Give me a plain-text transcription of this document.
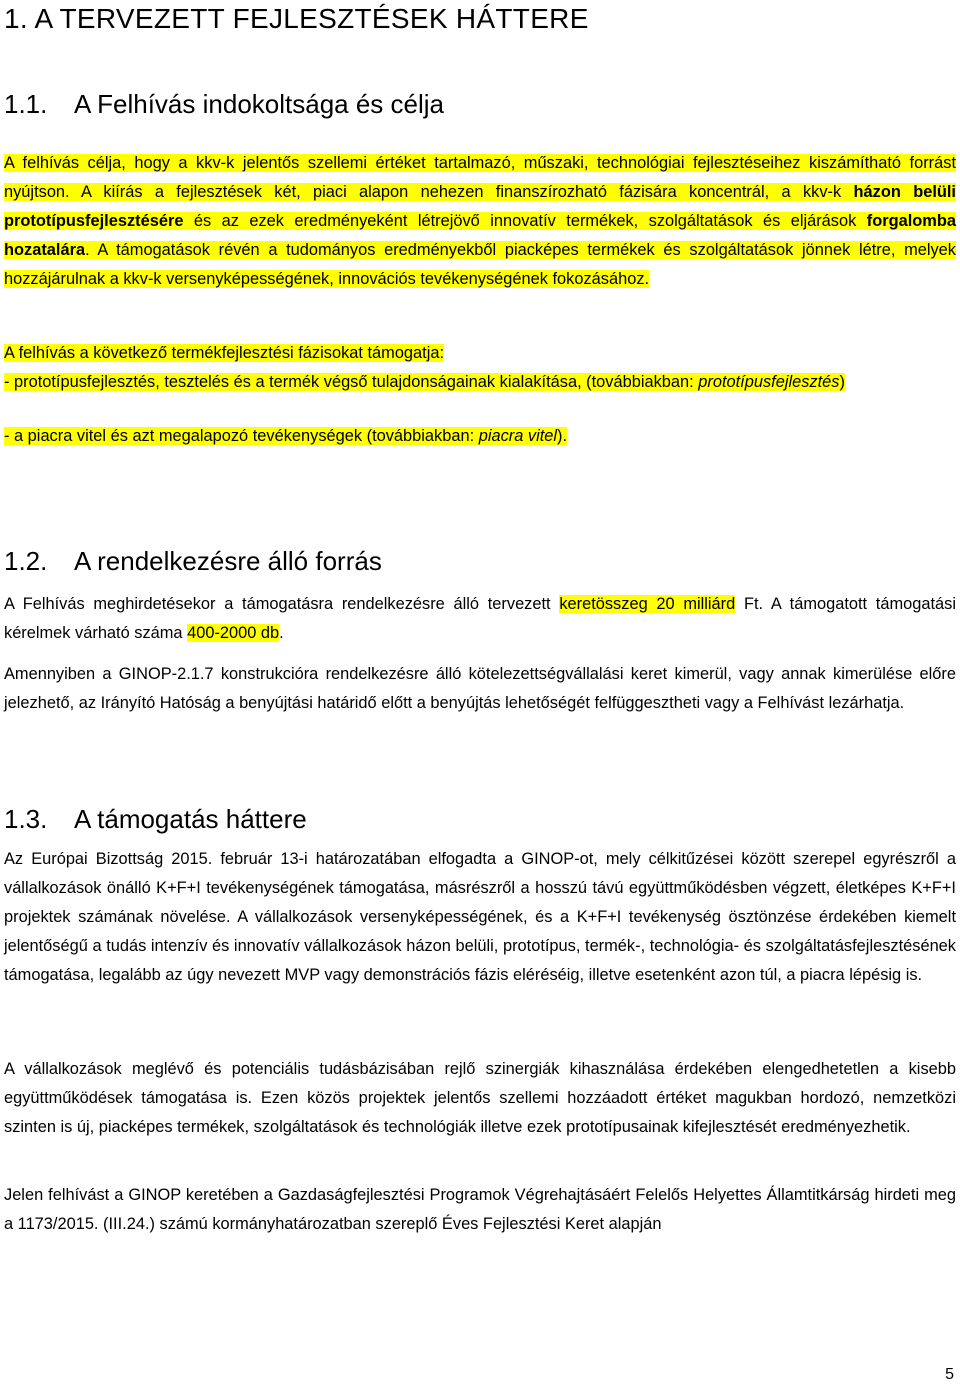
1. A TERVEZETT FEJLESZTÉSEK HÁTTERE
1.1. A Felhívás indokoltsága és célja

A felhívás célja, hogy a kkv-k jelentős szellemi értéket tartalmazó, műszaki, technológiai fejlesztéseihez kiszámítható forrást nyújtson. A kiírás a fejlesztések két, piaci alapon nehezen finanszírozható fázisára koncentrál, a kkv-k házon belüli prototípusfejlesztésére és az ezek eredményeként létrejövő innovatív termékek, szolgáltatások és eljárások forgalomba hozatalára. A támogatások révén a tudományos eredményekből piacképes termékek és szolgáltatások jönnek létre, melyek hozzájárulnak a kkv-k versenyképességének, innovációs tevékenységének fokozásához.

A felhívás a következő termékfejlesztési fázisokat támogatja:

- prototípusfejlesztés, tesztelés és a termék végső tulajdonságainak kialakítása, (továbbiakban: prototípusfejlesztés)

- a piacra vitel és azt megalapozó tevékenységek (továbbiakban: piacra vitel).

1.2. A rendelkezésre álló forrás

A Felhívás meghirdetésekor a támogatásra rendelkezésre álló tervezett keretösszeg 20 milliárd Ft. A támogatott támogatási kérelmek várható száma 400-2000 db.

Amennyiben a GINOP-2.1.7 konstrukcióra rendelkezésre álló kötelezettségvállalási keret kimerül, vagy annak kimerülése előre jelezhető, az Irányító Hatóság a benyújtási határidő előtt a benyújtás lehetőségét felfüggesztheti vagy a Felhívást lezárhatja.

1.3. A támogatás háttere

Az Európai Bizottság 2015. február 13-i határozatában elfogadta a GINOP-ot, mely célkitűzései között szerepel egyrészről a vállalkozások önálló K+F+I tevékenységének támogatása, másrészről a hosszú távú együttműködésben végzett, életképes K+F+I projektek számának növelése. A vállalkozások versenyképességének, és a K+F+I tevékenység ösztönzése érdekében kiemelt jelentőségű a tudás intenzív és innovatív vállalkozások házon belüli, prototípus, termék-, technológia- és szolgáltatásfejlesztésének támogatása, legalább az úgy nevezett MVP vagy demonstrációs fázis eléréséig, illetve esetenként azon túl, a piacra lépésig is.

A vállalkozások meglévő és potenciális tudásbázisában rejlő szinergiák kihasználása érdekében elengedhetetlen a kisebb együttműködések támogatása is. Ezen közös projektek jelentős szellemi hozzáadott értéket magukban hordozó, nemzetközi szinten is új, piacképes termékek, szolgáltatások és technológiák illetve ezek prototípusainak kifejlesztését eredményezhetik.

Jelen felhívást a GINOP keretében a Gazdaságfejlesztési Programok Végrehajtásáért Felelős Helyettes Államtitkárság hirdeti meg a 1173/2015. (III.24.) számú kormányhatározatban szereplő Éves Fejlesztési Keret alapján

5
